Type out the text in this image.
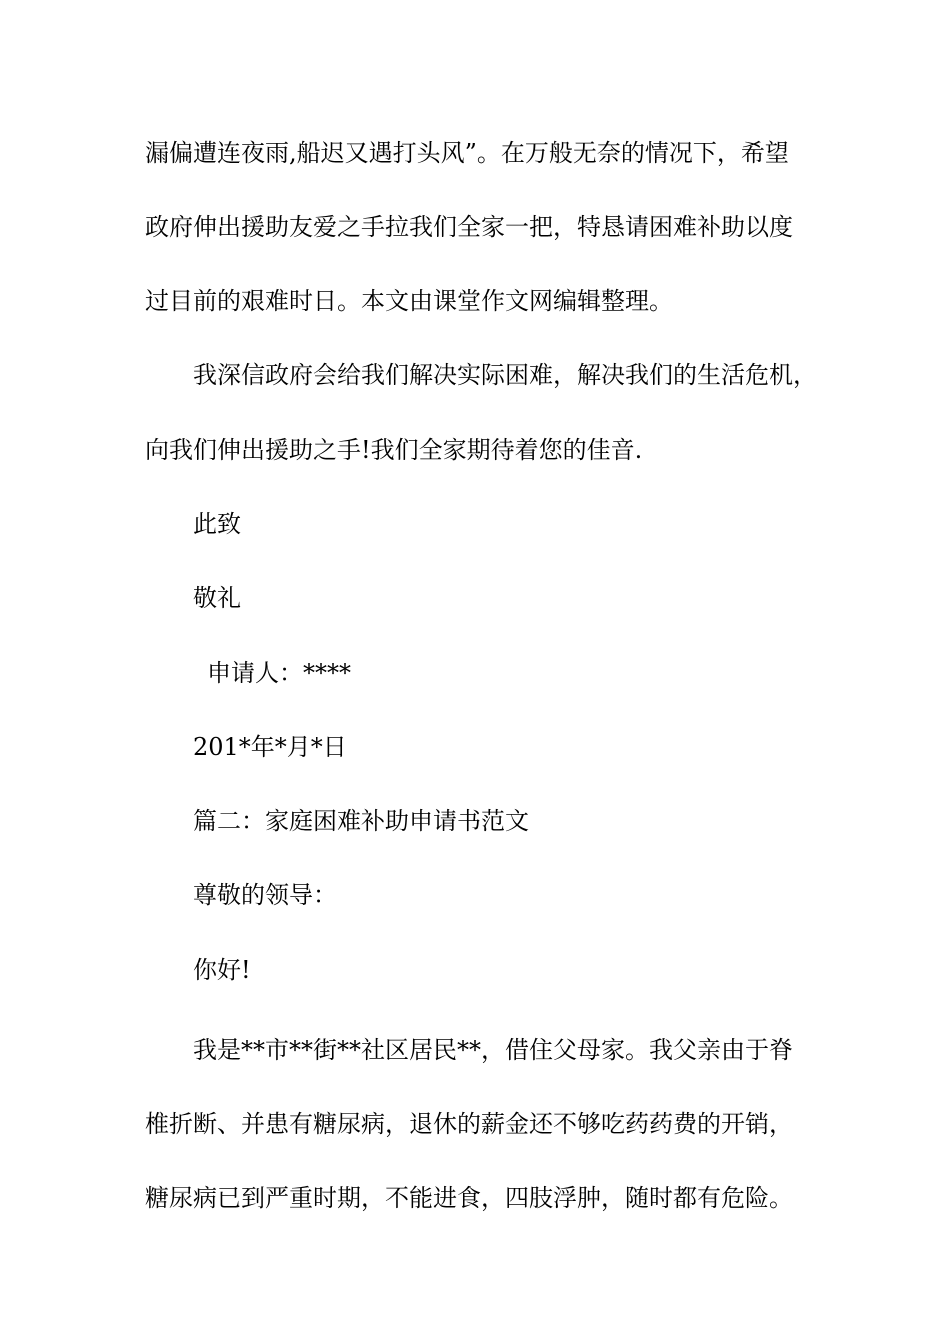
漏偏遭连夜雨,船迟又遇打头风”。在万般无奈的情况下，希望
政府伸出援助友爱之手拉我们全家一把，特恳请困难补助以度
过目前的艰难时日。本文由课堂作文网编辑整理。
我深信政府会给我们解决实际困难，解决我们的生活危机，
向我们伸出援助之手!我们全家期待着您的佳音.
此致
敬礼
申请人：****
201*年*月*日
篇二：家庭困难补助申请书范文
尊敬的领导：
你好!
我是**市**街**社区居民**，借住父母家。我父亲由于脊
椎折断、并患有糖尿病，退休的薪金还不够吃药药费的开销，
糖尿病已到严重时期，不能进食，四肢浮肿，随时都有危险。
